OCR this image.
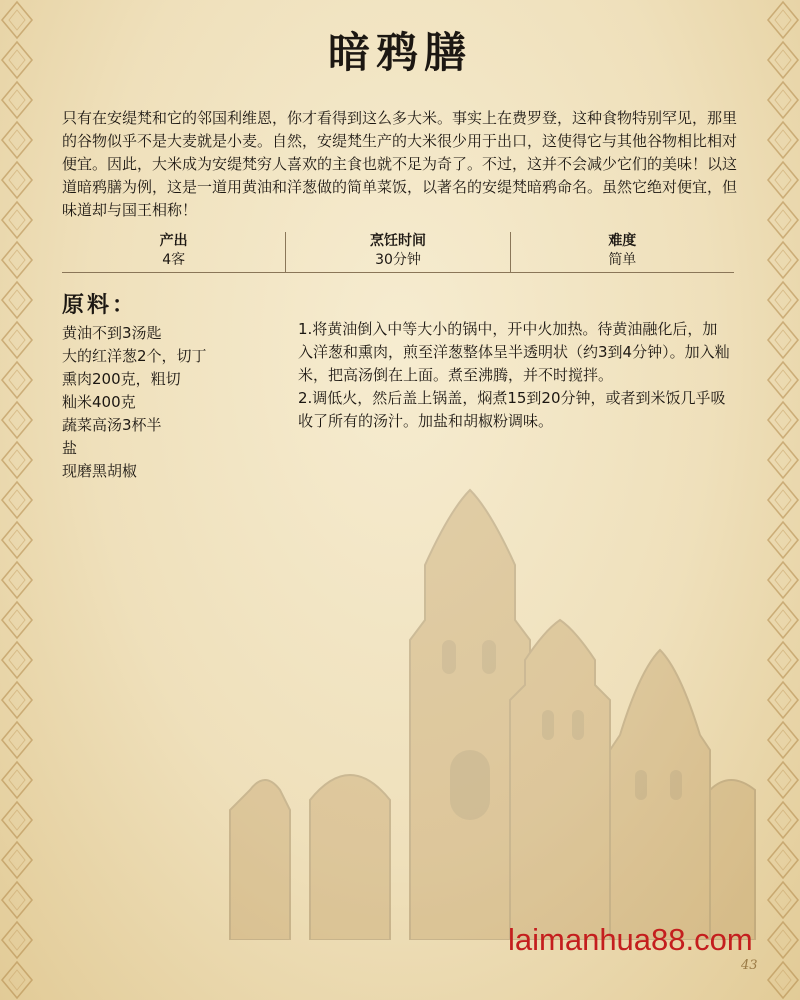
暗鸦膳

只有在安缇梵和它的邻国利维恩，你才看得到这么多大米。事实上在费罗登，这种食物特别罕见，那里的谷物似乎不是大麦就是小麦。自然，安缇梵生产的大米很少用于出口，这使得它与其他谷物相比相对便宜。因此，大米成为安缇梵穷人喜欢的主食也就不足为奇了。不过，这并不会减少它们的美味！以这道暗鸦膳为例，这是一道用黄油和洋葱做的简单菜饭，以著名的安缇梵暗鸦命名。虽然它绝对便宜，但味道却与国王相称！

产出
4客
烹饪时间
30分钟
难度
简单
原料：
黄油不到3汤匙
大的红洋葱2个，切丁
熏肉200克，粗切
籼米400克
蔬菜高汤3杯半
盐
现磨黑胡椒

1.将黄油倒入中等大小的锅中，开中火加热。待黄油融化后，加入洋葱和熏肉，煎至洋葱整体呈半透明状（约3到4分钟）。加入籼米，把高汤倒在上面。煮至沸腾，并不时搅拌。

2.调低火，然后盖上锅盖，焖煮15到20分钟，或者到米饭几乎吸收了所有的汤汁。加盐和胡椒粉调味。

laimanhua88.com
43
